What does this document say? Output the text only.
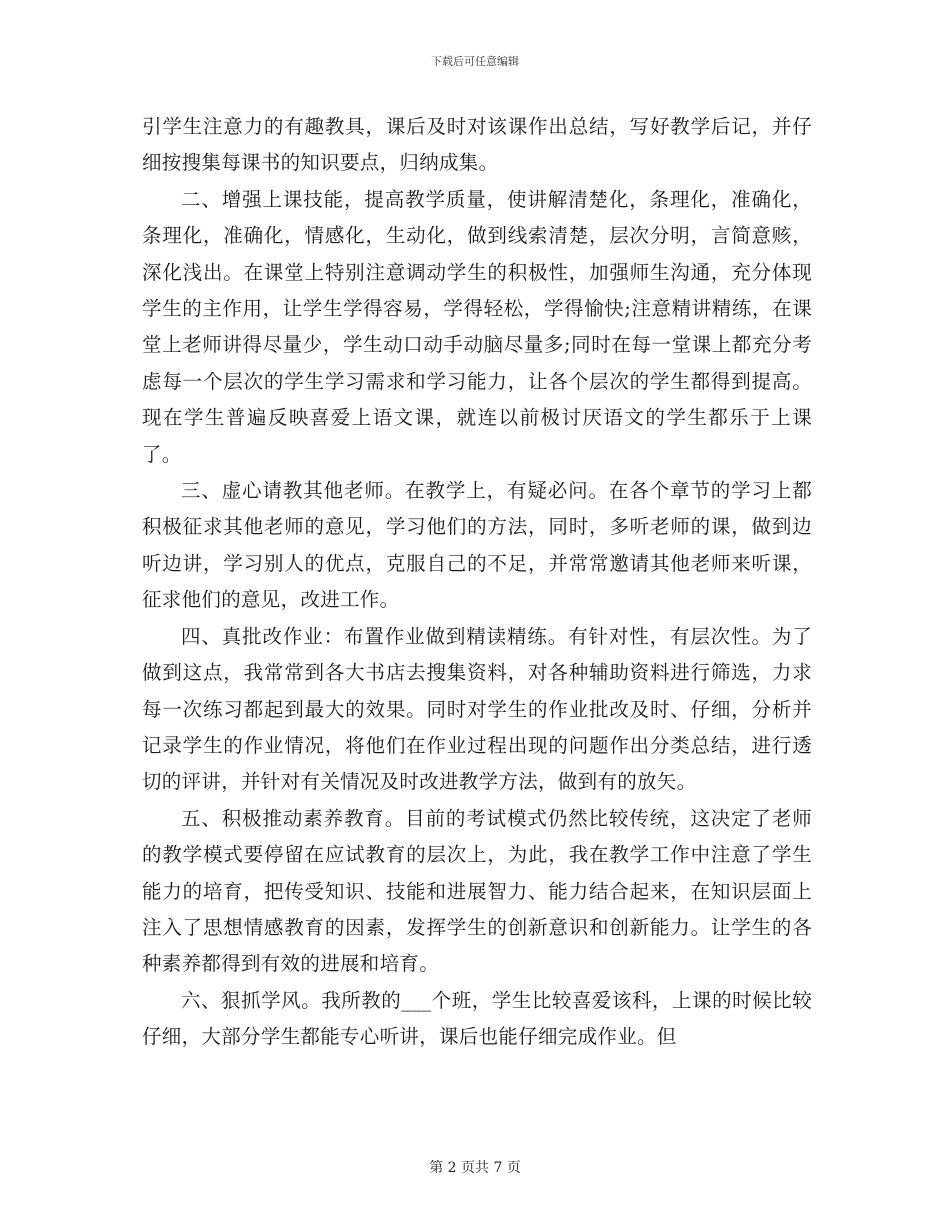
下载后可任意编辑

引学生注意力的有趣教具，课后及时对该课作出总结，写好教学后记，并仔细按搜集每课书的知识要点，归纳成集。

二、增强上课技能，提高教学质量，使讲解清楚化，条理化，准确化，条理化，准确化，情感化，生动化，做到线索清楚，层次分明，言简意赅，深化浅出。在课堂上特别注意调动学生的积极性，加强师生沟通，充分体现学生的主作用，让学生学得容易，学得轻松，学得愉快;注意精讲精练，在课堂上老师讲得尽量少，学生动口动手动脑尽量多;同时在每一堂课上都充分考虑每一个层次的学生学习需求和学习能力，让各个层次的学生都得到提高。现在学生普遍反映喜爱上语文课，就连以前极讨厌语文的学生都乐于上课了。

三、虚心请教其他老师。在教学上，有疑必问。在各个章节的学习上都积极征求其他老师的意见，学习他们的方法，同时，多听老师的课，做到边听边讲，学习别人的优点，克服自己的不足，并常常邀请其他老师来听课，征求他们的意见，改进工作。

四、真批改作业：布置作业做到精读精练。有针对性，有层次性。为了做到这点，我常常到各大书店去搜集资料，对各种辅助资料进行筛选，力求每一次练习都起到最大的效果。同时对学生的作业批改及时、仔细，分析并记录学生的作业情况，将他们在作业过程出现的问题作出分类总结，进行透切的评讲，并针对有关情况及时改进教学方法，做到有的放矢。

五、积极推动素养教育。目前的考试模式仍然比较传统，这决定了老师的教学模式要停留在应试教育的层次上，为此，我在教学工作中注意了学生能力的培育，把传受知识、技能和进展智力、能力结合起来，在知识层面上注入了思想情感教育的因素，发挥学生的创新意识和创新能力。让学生的各种素养都得到有效的进展和培育。

六、狠抓学风。我所教的___个班，学生比较喜爱该科，上课的时候比较仔细，大部分学生都能专心听讲，课后也能仔细完成作业。但

第 2 页共 7 页
